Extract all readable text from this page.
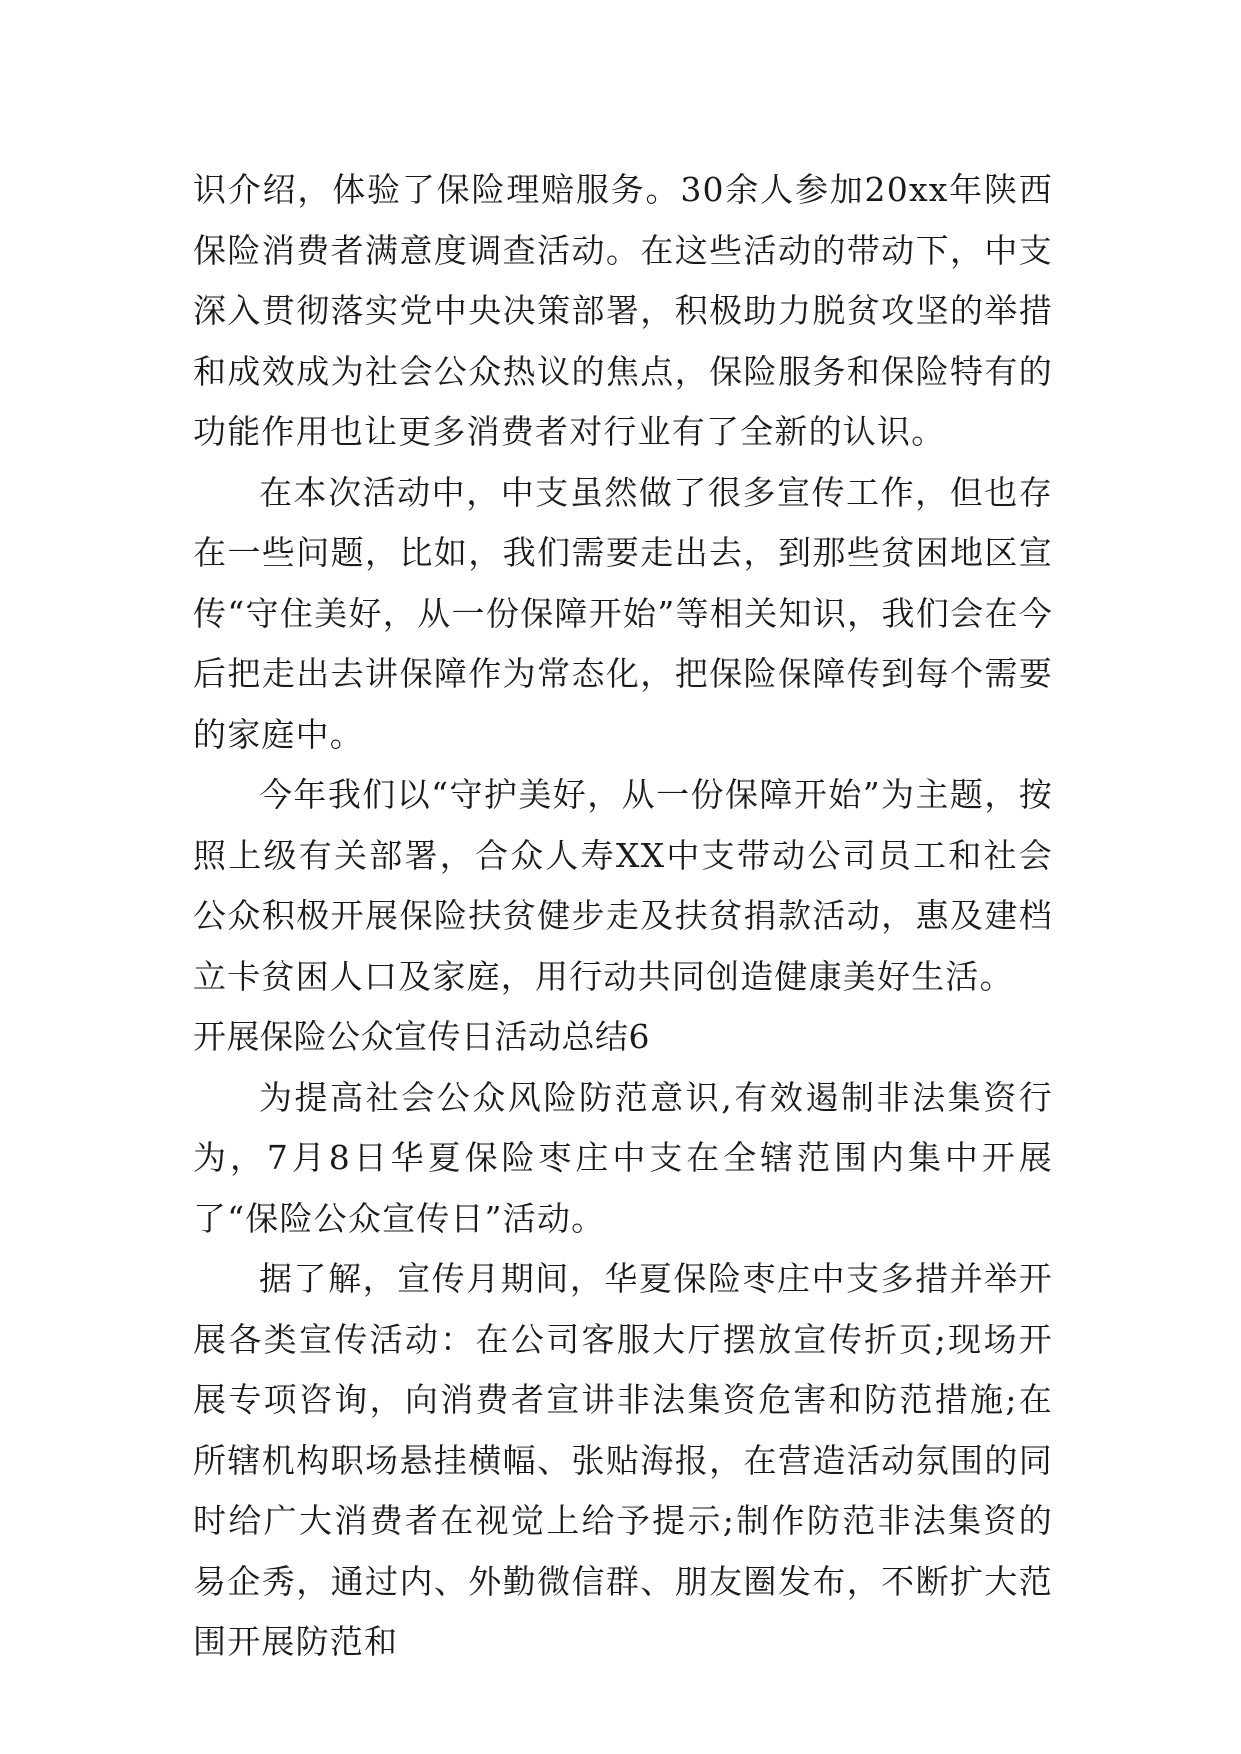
识介绍，体验了保险理赔服务。30余人参加20xx年陕西保险消费者满意度调查活动。在这些活动的带动下，中支深入贯彻落实党中央决策部署，积极助力脱贫攻坚的举措和成效成为社会公众热议的焦点，保险服务和保险特有的功能作用也让更多消费者对行业有了全新的认识。

在本次活动中，中支虽然做了很多宣传工作，但也存在一些问题，比如，我们需要走出去，到那些贫困地区宣传“守住美好，从一份保障开始”等相关知识，我们会在今后把走出去讲保障作为常态化，把保险保障传到每个需要的家庭中。

今年我们以“守护美好，从一份保障开始”为主题，按照上级有关部署，合众人寿XX中支带动公司员工和社会公众积极开展保险扶贫健步走及扶贫捐款活动，惠及建档立卡贫困人口及家庭，用行动共同创造健康美好生活。

开展保险公众宣传日活动总结6

为提高社会公众风险防范意识,有效遏制非法集资行为，7月8日华夏保险枣庄中支在全辖范围内集中开展了“保险公众宣传日”活动。

据了解，宣传月期间，华夏保险枣庄中支多措并举开展各类宣传活动：在公司客服大厅摆放宣传折页;现场开展专项咨询，向消费者宣讲非法集资危害和防范措施;在所辖机构职场悬挂横幅、张贴海报，在营造活动氛围的同时给广大消费者在视觉上给予提示;制作防范非法集资的易企秀，通过内、外勤微信群、朋友圈发布，不断扩大范围开展防范和
